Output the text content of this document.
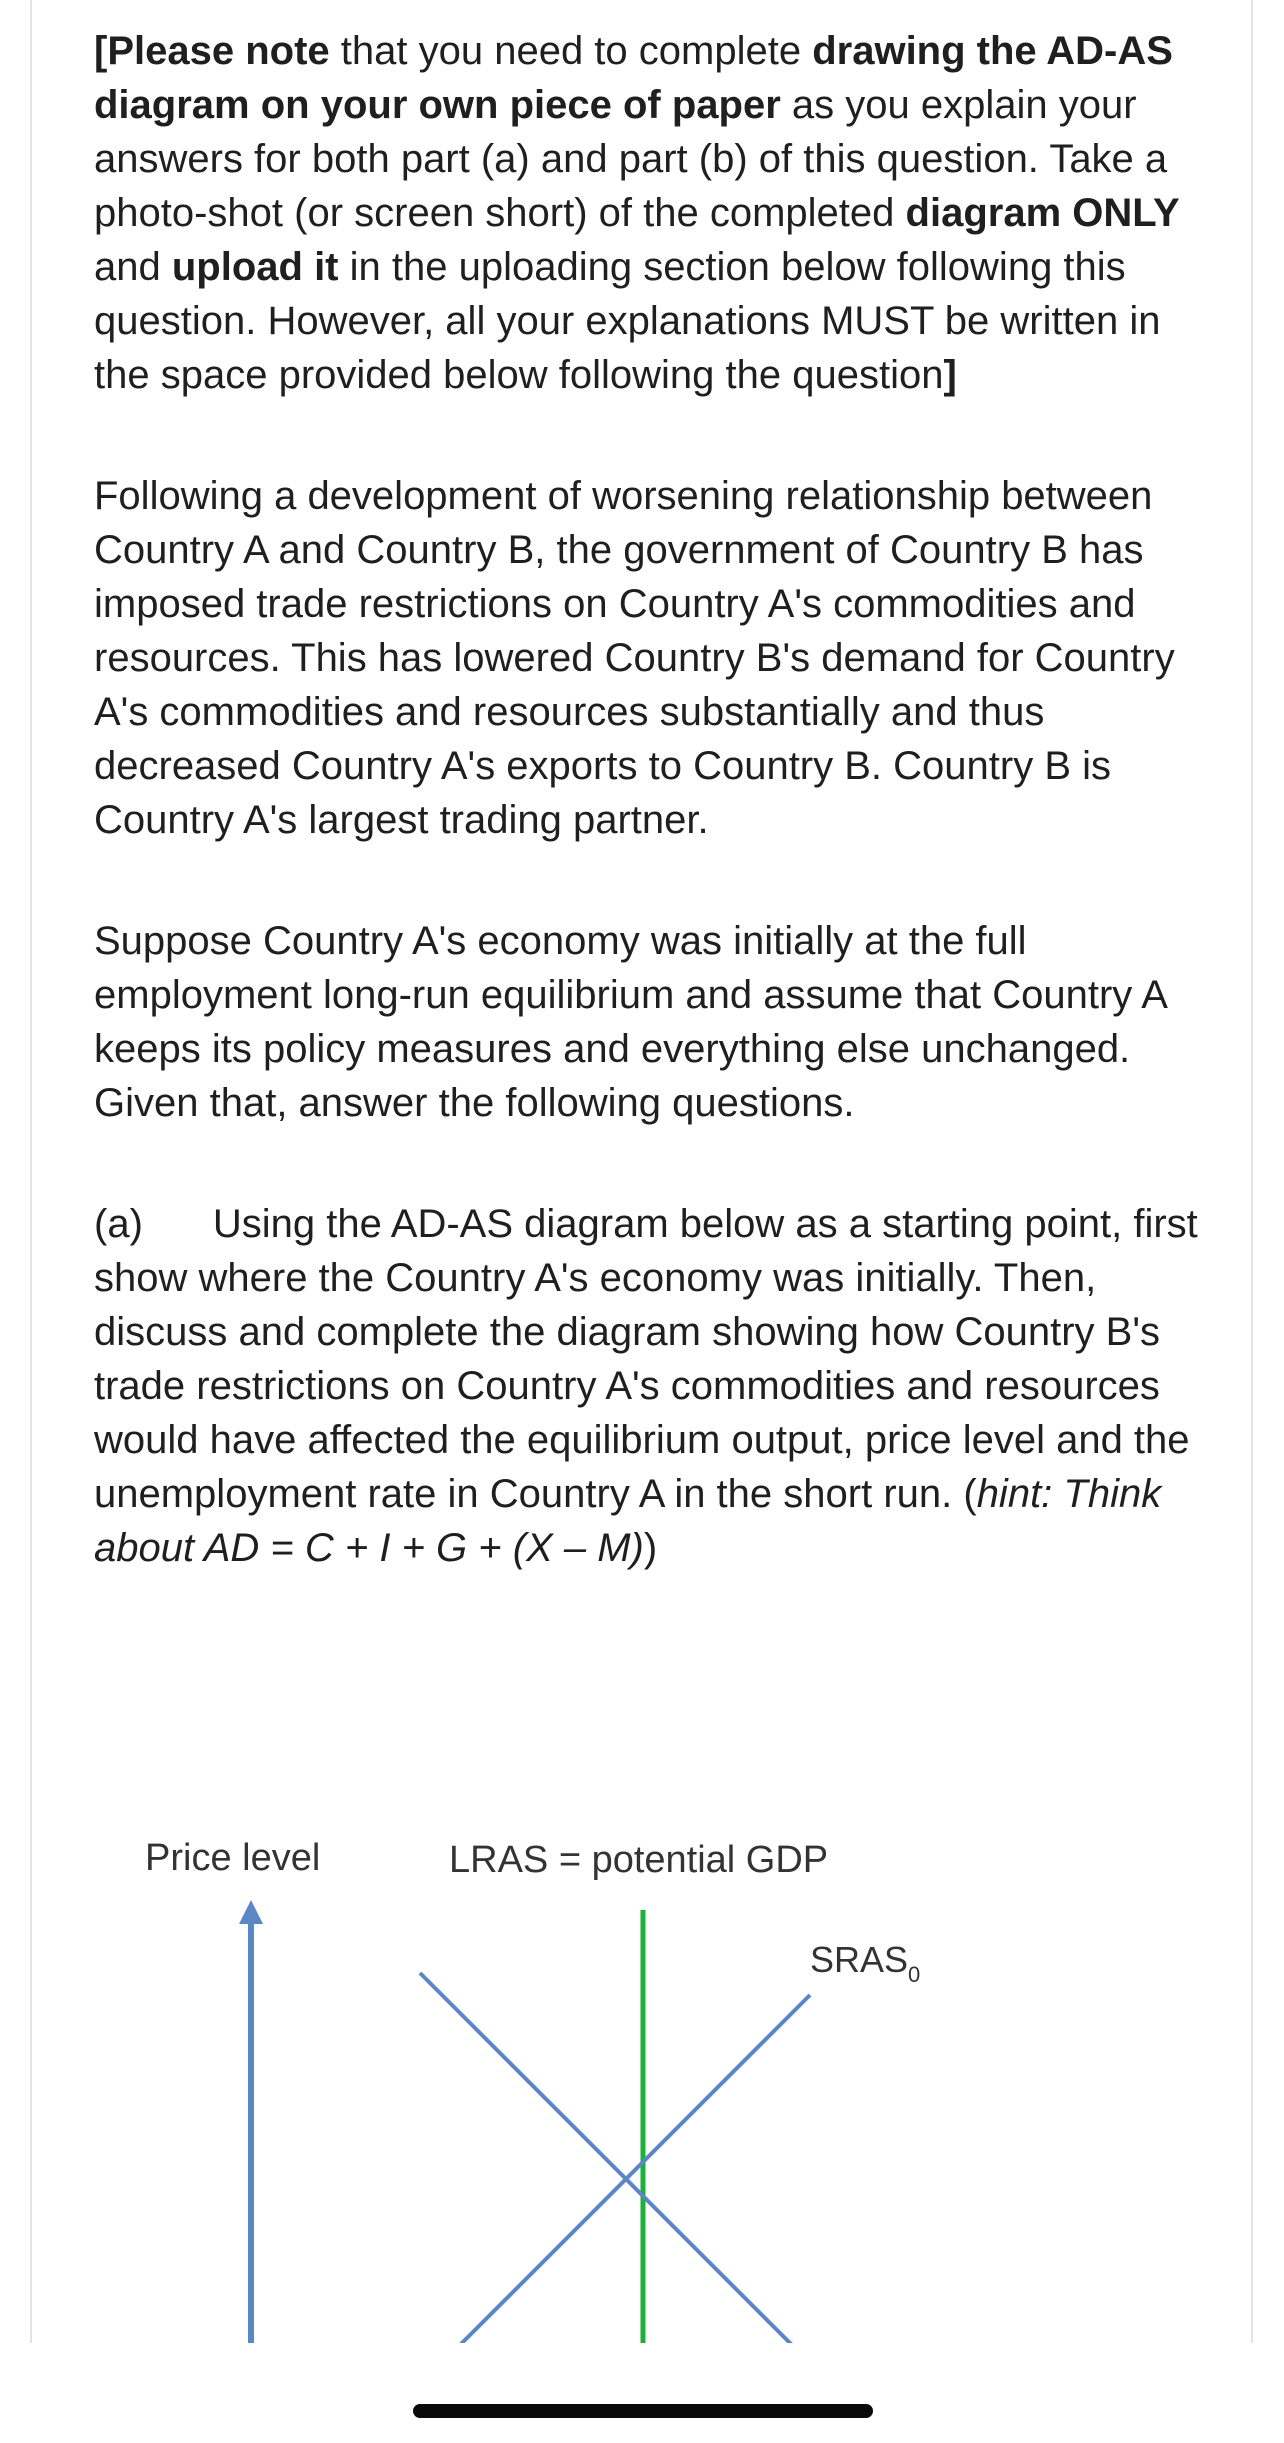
[Please note that you need to complete drawing the AD-AS diagram on your own piece of paper as you explain your answers for both part (a) and part (b) of this question. Take a photo-shot (or screen short) of the completed diagram ONLY and upload it in the uploading section below following this question. However, all your explanations MUST be written in the space provided below following the question]

Following a development of worsening relationship between Country A and Country B, the government of Country B has imposed trade restrictions on Country A's commodities and resources. This has lowered Country B's demand for Country A's commodities and resources substantially and thus decreased Country A's exports to Country B. Country B is Country A's largest trading partner.

Suppose Country A's economy was initially at the full employment long-run equilibrium and assume that Country A keeps its policy measures and everything else unchanged. Given that, answer the following questions.

(a) Using the AD-AS diagram below as a starting point, first show where the Country A's economy was initially. Then, discuss and complete the diagram showing how Country B's trade restrictions on Country A's commodities and resources would have affected the equilibrium output, price level and the unemployment rate in Country A in the short run. (hint: Think about AD = C + I + G + (X – M))

Price level	LRAS = potential GDP
$SRAS_0$
